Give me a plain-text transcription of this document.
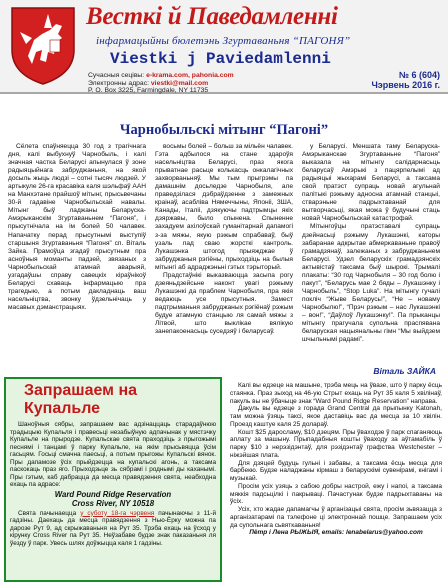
Весткі й Паведамленні
інфармацыйны бюлетэнь Згуртаваньня “ПАГОНЯ”
Viestki j Paviedamlenni
Сучасныя сецівы: e-krama.com, pahonia.com
Электронны адрас: viestki@mail.com
P. O. Box 3225, Farmingdale, NY 11735
№ 6 (604)
Чэрвень 2016 г.
Чарнобыльскі мітынг “Пагоні”

Сёлета спаўняецца 30 год з трагічнага дня, калі выбухнуў Чарнобыль, і калі значная частка Беларусі апынулася ў зоне радыяцыйнага забруджаньня, на якой досыль жыць людзі – сотні тысяч людзей. У артыкуле 26-га красавіка каля шэльфаў ААН на Манхэтане прайшоў мітынг, прысьвечаны 30-й гадавіне Чарнобыльскай навалы. Мітынг быў ладжаны Беларуска-Амэрыканскім Згуртаваньнем “Пагоня”, і прысутнічала на ім болей 50 чалавек. Напачатку перад прысутнымі выступіў старшыня Згуртаваньня “Пагоня” сп. Віталь Зайка. Прамоўца згадаў прысутным пра асноўныя моманты падзей, звязаных з Чарнобыльскай атамнай аварыяй, узгадаўшы справу савецкіх кіраўнікоў Беларусі схаваць інфармацыю пра трагедыю, а потым дакладнаць ваш насельніцтва, звонку ўдзельнічаць у масавых дэманстрацыях.

восьмы болей – больш за мільён чалавек. Гэта адбылося на стане здароўя насельніцтва Беларусі, праз якога прыватнае расьце колькасць онкалагічных захворваньняў. Мы тым прыгрэмы па дамашнім досьледзе Чарнобыля, але праведзілася дэбраўдзенне з замежных краінаў, асабліва Нямеччыны, Японіі, ЗША, Канады, Італіі, дзякуючы падтрымцы якіх дзяржавы, было спынена. Спыненне захадуем ахілоўскай гуманітарнай дапамогі з-за мяжы, якую рэжым спрабаваў, быў узаль пад сваю жорсткі кантроль. Лукашэнка штогод прыяжджае ў забруджаныя рэгіёны, прыходзіць на былыя мітынгі аб адраджэньні гэтых тэрыторый.

Прадстаўнікі выказваюцца засыпа рогу дзеяньдзейсьне наконт увагі рэжыму Лукашэнкі да праблем Чарнобыля, пра якія ведаюць усе прысутныя. Замест падтрыманьня забруджаных рэгіёнаў рэжым будуе атамную станцыю ля самай мяжы з Літвой, што выклікае вялікую занепакоенасьць суседзяў і беларусаў.

у Беларусі. Меншата таму Беларуска-Амэрыканскае Згуртаваньне “Пагоня” выказала на мітынгу салідарнасьць беларусаў Амэрыкі з пацярпелымі ад радыяцыі жыхарамі Беларусі, а таксама свой пратэст супраць новай агульнай палітыкі рэжыму адносна атамнай станцыі, стварэньне падрыхтаванай для вытворчасьці, якая можа ў будучыні стаць новай Чарнобыльскай катастрофай.

Мітынгоўцы пратэставалі супраць дзейнасьці рэжыму Лукашэнкі, каторы забаранае адкрытае абмеркаваньне правоў грамадзянаў, залежаных з забруджаньнем Беларусі. Удзел беларускіх грамадзянскіх актывістаў таксама быў шырокі. Трымалі плакаты: “30 год Чарнобыля – 30 год болю і пакут”, “Беларусь мае 2 бяды – Лукашэнку і Чарнобыль”, “Stop Luka”. На мітынгу гучалі покліч “Жыве Беларусь!”, “Не – новаму Чарнобылю!”, “Прэч рэжым – нас Лукашэнкі – вон!”, “Даўлоў Лукашэнку!”. Па прыканцы мітынгу прагучала супольна праспявана беларуская нацыянальны гімн “Мы выйдзем шчыльнымі радамі”.

Віталь ЗАЙКА
Запрашаем на Купальле

Шаноўныя сябры, запрашаем вас адзінаццаць старадаўнюю традыцыю Купальля і правесьці незабыўную адпачынак у мястэчку Купальле на прыродзе. Купальскае свята праходзіць з прыгожымі песнямі і танцамі ў парку Купальле, на якім прысьвяцца ўсім гасьцям. Госьці смачна паесьці, а потым прыгожы Купальскі вянок. Пры дапамозе ўсіх прыйдзецца на купальскі агонь, а таксама паскокаць праз яго. Прыходзьце зь сябрамі і роднымі ды каханымі. Пры гэтым, каб дабрацца да месца правядзення свята, неабходна ехаць па адрасе:

Ward Pound Ridge Reservation
Cross River, NY 10518

Свята пачынаецца у суботу 18-га чэрвеня пачынаючы з 11-й гадзіны. Даехаць да месца правядзення з Нью-Ёрку можна па дарозе Рут 9, ад скрыжаваньня на Рут 35. Трэба ехаць на ўсход у кірунку Cross River па Рут 35. Неўзабаве будзе знак паказаньня ля ўезду ў парк. Увесь шлях доўжыцца каля 1 гадзіны.

Калі вы едзеце на машыне, трэба мець на ўвазе, што ў парку ёсць стаянка. Праз зыход на 46-ую Стрыт ехаць на Рут 35 каля 5 хвілінаў, пакуль вы не ўбачыце знак “Ward Pound Ridge Reservation” направа.

Дакуль вы едзеце з горада Grand Central да прыпынку Katonah, там можна ўзяць таксі, якое даставіць вас да месца за 10 хвілін. Проезд каштуе каля 25 долараў.

Кошт $25 даросламу, $10 дзецям. Пры ўваходзе ў парк спаганяюць аплату за машыну. Прыпадабныя кошты ўваходу за аўтамабіль ў парку $10 з нерэзідэнтаў, для рэзідэнтаў графства Westchester – ніжэйшая плата.

Для дзяцей будуць гульні і забавы, а таксама ёсць месца для барбекю. Будзе наладжаны кірмаш з беларускімі сувенірамі, кнігамі і музыкай.

Просім усіх узяць з сабою добры настрой, ежу і напоі, а таксама мяккія падсьцілкі і пакрываці. Пачастунак будзе падрыхтаваны на ўсіх.

Усіх, хто жадае дапамагчы ў арганізацыі свята, просім зьвязацца з арганізатарамі па тэлефоне ці электроннай пошце. Запрашаем усіх да супольнага сьвяткаваньня!

Пётр і Лена РЫЖЫЯ, emails: lenabelarus@yahoo.com
